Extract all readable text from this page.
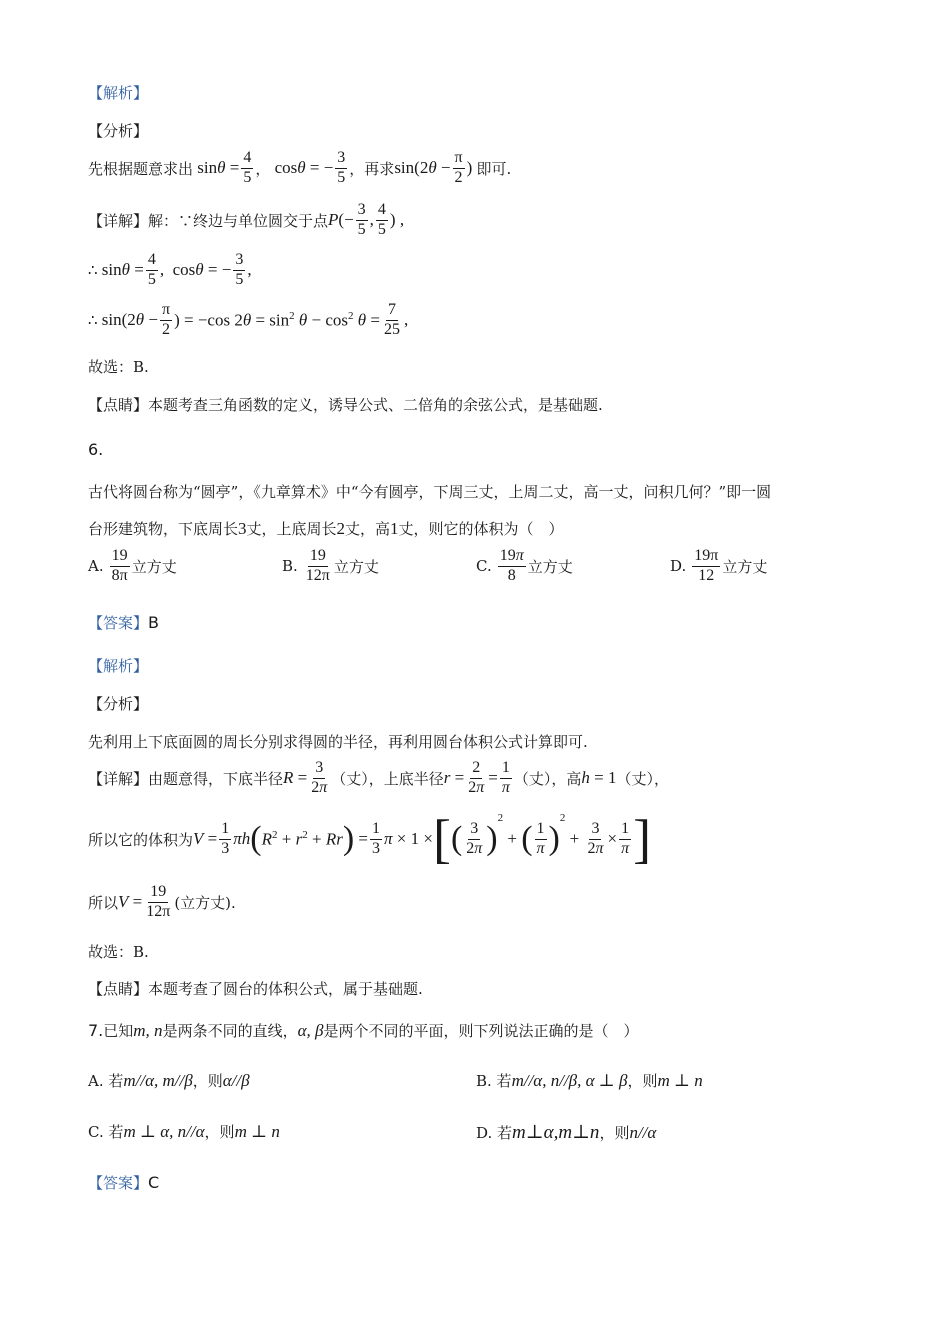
【解析】
【分析】
先根据题意求出 $\sin\theta = \frac{4}{5}$ ， cosθ = − $\frac{3}{5}$ ，再求 $\sin(2\theta - \frac{\pi}{2}$ ) 即可.
【详解】 解：∵终边与单位圆交于点 $P(- \frac{3}{5}$ , $\frac{4}{5}$ ) ,
∴ $\sin\theta = \frac{4}{5}$ ,  cosθ = − $\frac{3}{5}$ ,
∴ $\sin(2\theta - \frac{\pi}{2}$ ) = −cos $2\theta = \sin^2 \theta - \cos^2 \theta = \frac{7}{25}$ ,
故选：B.
【点睛】 本题考查三角函数的定义，诱导公式、二倍角的余弦公式，是基础题.
6.
古代将圆台称为“圆亭”，《九章算术》中“今有圆亭，下周三丈，上周二丈，高一丈，问积几何？”即一圆
台形建筑物，下底周长 3 丈，上底周长 2 丈，高 1 丈，则它的体积为（　）
A. $\frac{19}{8\pi}$ 立方丈	B. $\frac{19}{12\pi}$ 立方丈	C. $\frac{19\pi}{8}$ 立方丈	D. $\frac{19\pi}{12}$ 立方丈
【答案】 B
【解析】
【分析】
先利用上下底面圆的周长分别求得圆的半径，再利用圆台体积公式计算即可.
【详解】 由题意得，下底半径 $R = \frac{3}{2\pi}$ （丈），上底半径 $r = \frac{2}{2\pi} = \frac{1}{\pi}$ （丈），高 h = 1 （丈），
所以它的体积为 $V = \frac{1}{3}$ πh ( $R^2 + r^2 + Rr$ ) = $\frac{1}{3}$ π × 1 × [ ( $\frac{3}{2\pi}$ )
2
+ ( $\frac{1}{\pi}$ )
2
+ $\frac{3}{2\pi} \times \frac{1}{\pi}$ ]
所以 $V = \frac{19}{12\pi}$ (立方丈).
故选：B.
【点睛】 本题考查了圆台的体积公式，属于基础题.
7. 已知 m, n 是两条不同的直线， α, β 是两个不同的平面，则下列说法正确的是（　）
A. 若 m//α, m//β ，则 α//β	B. 若 m//α, n//β, α ⊥ β ，则 m ⊥ n
C. 若 m ⊥ α, n//α ，则 m ⊥ n	D. 若 m⊥α,m⊥n ，则 n//α
【答案】 C
